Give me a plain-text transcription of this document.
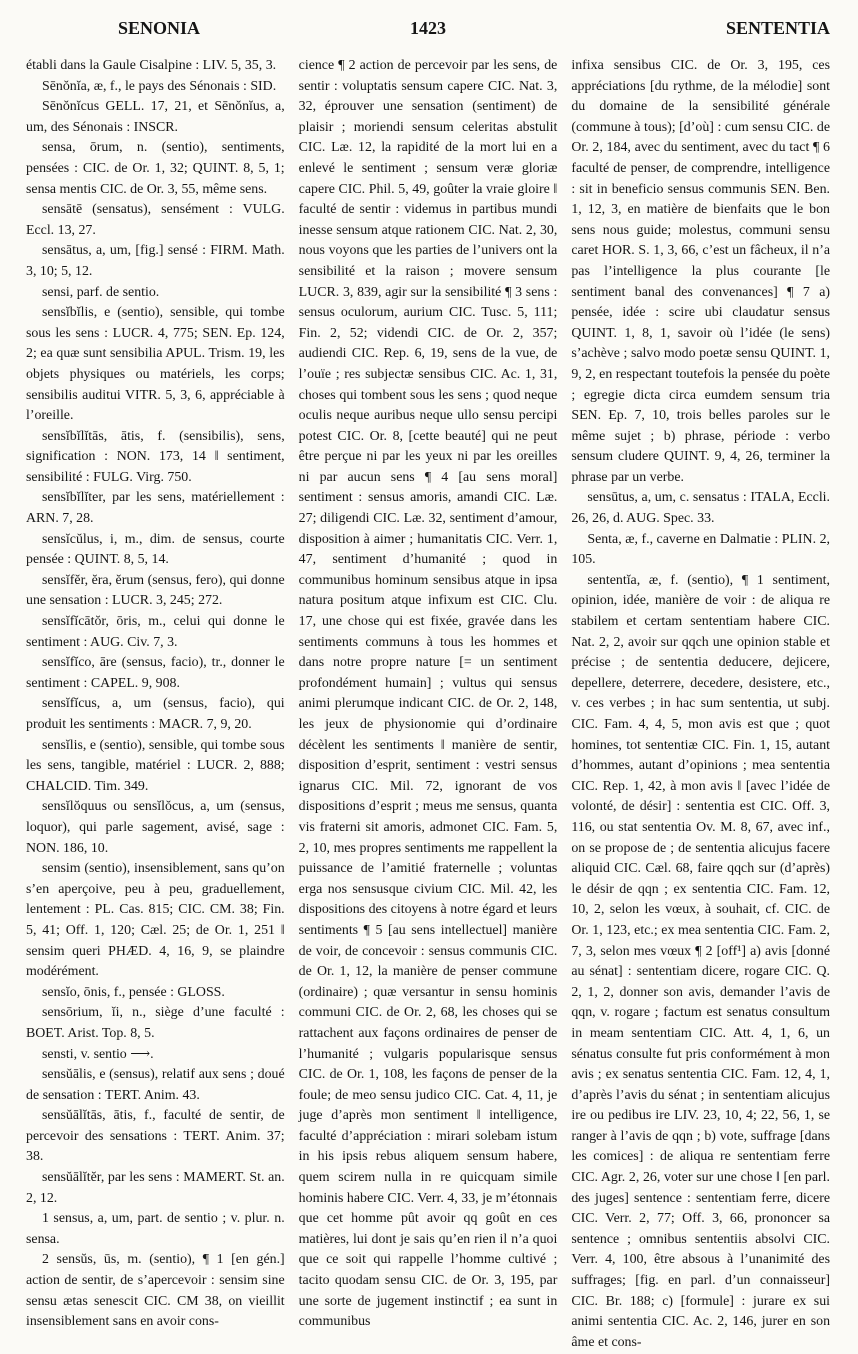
SENONIA	1423	SENTENTIA

établi dans la Gaule Cisalpine : LIV. 5, 35, 3.

Sēnŏnĭa, æ, f., le pays des Sénonais : SID.

Sēnŏnĭcus GELL. 17, 21, et Sēnŏnĭus, a, um, des Sénonais : INSCR.

sensa, ōrum, n. (sentio), sentiments, pensées : CIC. de Or. 1, 32; QUINT. 8, 5, 1; sensa mentis CIC. de Or. 3, 55, même sens.

sensātē (sensatus), sensément : VULG. Eccl. 13, 27.

sensātus, a, um, [fig.] sensé : FIRM. Math. 3, 10; 5, 12.

sensi, parf. de sentio.

sensĭbĭlis, e (sentio), sensible, qui tombe sous les sens : LUCR. 4, 775; SEN. Ep. 124, 2; ea quæ sunt sensibilia APUL. Trism. 19, les objets physiques ou matériels, les corps; sensibilis auditui VITR. 5, 3, 6, appréciable à l’oreille.

sensĭbĭlĭtās, ātis, f. (sensibilis), sens, signification : NON. 173, 14 ‖ sentiment, sensibilité : FULG. Virg. 750.

sensĭbĭlĭter, par les sens, matériellement : ARN. 7, 28.

sensĭcŭlus, i, m., dim. de sensus, courte pensée : QUINT. 8, 5, 14.

sensĭfĕr, ĕra, ĕrum (sensus, fero), qui donne une sensation : LUCR. 3, 245; 272.

sensĭfĭcātŏr, ōris, m., celui qui donne le sentiment : AUG. Civ. 7, 3.

sensĭfĭco, āre (sensus, facio), tr., donner le sentiment : CAPEL. 9, 908.

sensĭfĭcus, a, um (sensus, facio), qui produit les sentiments : MACR. 7, 9, 20.

sensĭlis, e (sentio), sensible, qui tombe sous les sens, tangible, matériel : LUCR. 2, 888; CHALCID. Tim. 349.

sensĭlŏquus ou sensĭlŏcus, a, um (sensus, loquor), qui parle sagement, avisé, sage : NON. 186, 10.

sensim (sentio), insensiblement, sans qu’on s’en aperçoive, peu à peu, graduellement, lentement : PL. Cas. 815; CIC. CM. 38; Fin. 5, 41; Off. 1, 120; Cæl. 25; de Or. 1, 251 ‖ sensim queri PHÆD. 4, 16, 9, se plaindre modérément.

sensĭo, ōnis, f., pensée : GLOSS.

sensōrium, ĭi, n., siège d’une faculté : BOET. Arist. Top. 8, 5.

sensti, v. sentio ⟶.

sensŭālis, e (sensus), relatif aux sens ; doué de sensation : TERT. Anim. 43.

sensŭālĭtās, ātis, f., faculté de sentir, de percevoir des sensations : TERT. Anim. 37; 38.

sensŭālĭtĕr, par les sens : MAMERT. St. an. 2, 12.

1 sensus, a, um, part. de sentio ; v. plur. n. sensa.

2 sensŭs, ūs, m. (sentio), ¶ 1 [en gén.] action de sentir, de s’apercevoir : sensim sine sensu ætas senescit CIC. CM 38, on vieillit insensiblement sans en avoir cons-

cience ¶ 2 action de percevoir par les sens, de sentir : voluptatis sensum capere CIC. Nat. 3, 32, éprouver une sensation (sentiment) de plaisir ; moriendi sensum celeritas abstulit CIC. Læ. 12, la rapidité de la mort lui en a enlevé le sentiment ; sensum veræ gloriæ capere CIC. Phil. 5, 49, goûter la vraie gloire ‖ faculté de sentir : videmus in partibus mundi inesse sensum atque rationem CIC. Nat. 2, 30, nous voyons que les parties de l’univers ont la sensibilité et la raison ; movere sensum LUCR. 3, 839, agir sur la sensibilité ¶ 3 sens : sensus oculorum, aurium CIC. Tusc. 5, 111; Fin. 2, 52; videndi CIC. de Or. 2, 357; audiendi CIC. Rep. 6, 19, sens de la vue, de l’ouïe ; res subjectæ sensibus CIC. Ac. 1, 31, choses qui tombent sous les sens ; quod neque oculis neque auribus neque ullo sensu percipi potest CIC. Or. 8, [cette beauté] qui ne peut être perçue ni par les yeux ni par les oreilles ni par aucun sens ¶ 4 [au sens moral] sentiment : sensus amoris, amandi CIC. Læ. 27; diligendi CIC. Læ. 32, sentiment d’amour, disposition à aimer ; humanitatis CIC. Verr. 1, 47, sentiment d’humanité ; quod in communibus hominum sensibus atque in ipsa natura positum atque infixum est CIC. Clu. 17, une chose qui est fixée, gravée dans les sentiments communs à tous les hommes et dans notre propre nature [= un sentiment profondément humain] ; vultus qui sensus animi plerumque indicant CIC. de Or. 2, 148, les jeux de physionomie qui d’ordinaire décèlent les sentiments ‖ manière de sentir, disposition d’esprit, sentiment : vestri sensus ignarus CIC. Mil. 72, ignorant de vos dispositions d’esprit ; meus me sensus, quanta vis fraterni sit amoris, admonet CIC. Fam. 5, 2, 10, mes propres sentiments me rappellent la puissance de l’amitié fraternelle ; voluntas erga nos sensusque civium CIC. Mil. 42, les dispositions des citoyens à notre égard et leurs sentiments ¶ 5 [au sens intellectuel] manière de voir, de concevoir : sensus communis CIC. de Or. 1, 12, la manière de penser commune (ordinaire) ; quæ versantur in sensu hominis communi CIC. de Or. 2, 68, les choses qui se rattachent aux façons ordinaires de penser de l’humanité ; vulgaris popularisque sensus CIC. de Or. 1, 108, les façons de penser de la foule; de meo sensu judico CIC. Cat. 4, 11, je juge d’après mon sentiment ‖ intelligence, faculté d’appréciation : mirari solebam istum in his ipsis rebus aliquem sensum habere, quem scirem nulla in re quicquam simile hominis habere CIC. Verr. 4, 33, je m’étonnais que cet homme pût avoir qq goût en ces matières, lui dont je sais qu’en rien il n’a quoi que ce soit qui rappelle l’homme cultivé ; tacito quodam sensu CIC. de Or. 3, 195, par une sorte de jugement instinctif ; ea sunt in communibus

infixa sensibus CIC. de Or. 3, 195, ces appréciations [du rythme, de la mélodie] sont du domaine de la sensibilité générale (commune à tous); [d’où] : cum sensu CIC. de Or. 2, 184, avec du sentiment, avec du tact ¶ 6 faculté de penser, de comprendre, intelligence : sit in beneficio sensus communis SEN. Ben. 1, 12, 3, en matière de bienfaits que le bon sens nous guide; molestus, communi sensu caret HOR. S. 1, 3, 66, c’est un fâcheux, il n’a pas l’intelligence la plus courante [le sentiment banal des convenances] ¶ 7 a) pensée, idée : scire ubi claudatur sensus QUINT. 1, 8, 1, savoir où l’idée (le sens) s’achève ; salvo modo poetæ sensu QUINT. 1, 9, 2, en respectant toutefois la pensée du poète ; egregie dicta circa eumdem sensum tria SEN. Ep. 7, 10, trois belles paroles sur le même sujet ; b) phrase, période : verbo sensum cludere QUINT. 9, 4, 26, terminer la phrase par un verbe.

sensūtus, a, um, c. sensatus : ITALA, Eccli. 26, 26, d. AUG. Spec. 33.

Senta, æ, f., caverne en Dalmatie : PLIN. 2, 105.

sententĭa, æ, f. (sentio), ¶ 1 sentiment, opinion, idée, manière de voir : de aliqua re stabilem et certam sententiam habere CIC. Nat. 2, 2, avoir sur qqch une opinion stable et précise ; de sententia deducere, dejicere, depellere, deterrere, decedere, desistere, etc., v. ces verbes ; in hac sum sententia, ut subj. CIC. Fam. 4, 4, 5, mon avis est que ; quot homines, tot sententiæ CIC. Fin. 1, 15, autant d’hommes, autant d’opinions ; mea sententia CIC. Rep. 1, 42, à mon avis ‖ [avec l’idée de volonté, de désir] : sententia est CIC. Off. 3, 116, ou stat sententia Ov. M. 8, 67, avec inf., on se propose de ; de sententia alicujus facere aliquid CIC. Cæl. 68, faire qqch sur (d’après) le désir de qqn ; ex sententia CIC. Fam. 12, 10, 2, selon les vœux, à souhait, cf. CIC. de Or. 1, 123, etc.; ex mea sententia CIC. Fam. 2, 7, 3, selon mes vœux ¶ 2 [off¹] a) avis [donné au sénat] : sententiam dicere, rogare CIC. Q. 2, 1, 2, donner son avis, demander l’avis de qqn, v. rogare ; factum est senatus consultum in meam sententiam CIC. Att. 4, 1, 6, un sénatus consulte fut pris conformément à mon avis ; ex senatus sententia CIC. Fam. 12, 4, 1, d’après l’avis du sénat ; in sententiam alicujus ire ou pedibus ire LIV. 23, 10, 4; 22, 56, 1, se ranger à l’avis de qqn ; b) vote, suffrage [dans les comices] : de aliqua re sententiam ferre CIC. Agr. 2, 26, voter sur une chose ‖ [en parl. des juges] sentence : sententiam ferre, dicere CIC. Verr. 2, 77; Off. 3, 66, prononcer sa sentence ; omnibus sententiis absolvi CIC. Verr. 4, 100, être absous à l’unanimité des suffrages; [fig. en parl. d’un connaisseur] CIC. Br. 188; c) [formule] : jurare ex sui animi sententia CIC. Ac. 2, 146, jurer en son âme et cons-
